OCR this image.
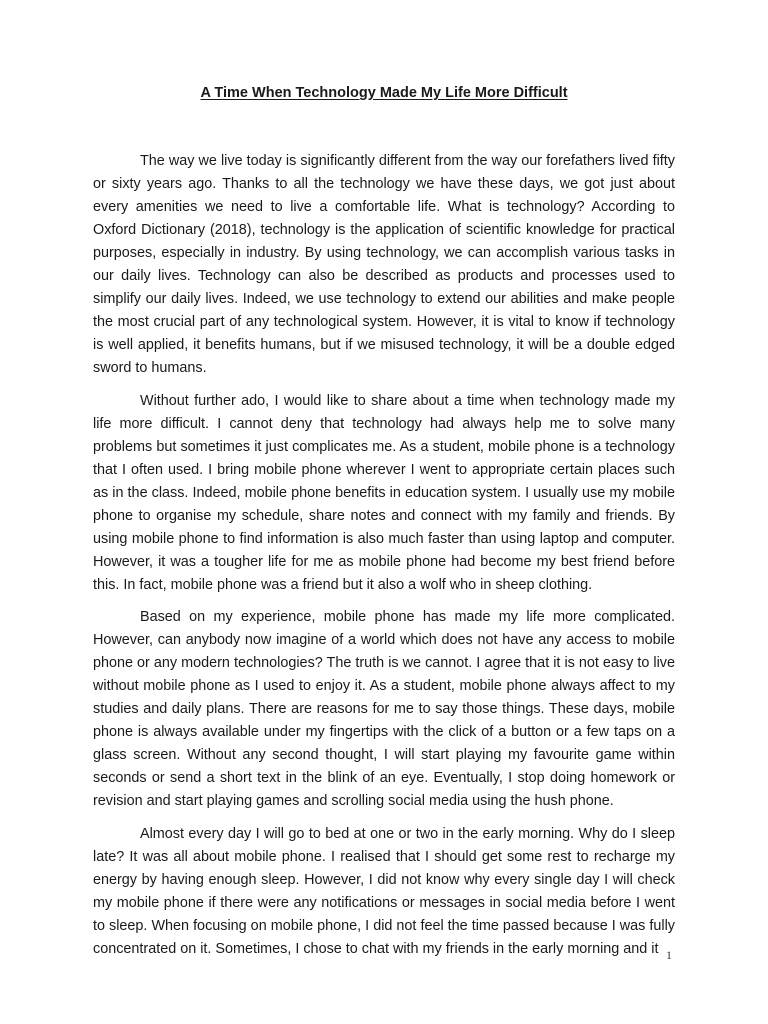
A Time When Technology Made My Life More Difficult

The way we live today is significantly different from the way our forefathers lived fifty or sixty years ago. Thanks to all the technology we have these days, we got just about every amenities we need to live a comfortable life. What is technology? According to Oxford Dictionary (2018), technology is the application of scientific knowledge for practical purposes, especially in industry. By using technology, we can accomplish various tasks in our daily lives. Technology can also be described as products and processes used to simplify our daily lives. Indeed, we use technology to extend our abilities and make people the most crucial part of any technological system. However, it is vital to know if technology is well applied, it benefits humans, but if we misused technology, it will be a double edged sword to humans.

Without further ado, I would like to share about a time when technology made my life more difficult. I cannot deny that technology had always help me to solve many problems but sometimes it just complicates me. As a student, mobile phone is a technology that I often used. I bring mobile phone wherever I went to appropriate certain places such as in the class. Indeed, mobile phone benefits in education system. I usually use my mobile phone to organise my schedule, share notes and connect with my family and friends. By using mobile phone to find information is also much faster than using laptop and computer. However, it was a tougher life for me as mobile phone had become my best friend before this. In fact, mobile phone was a friend but it also a wolf who in sheep clothing.

Based on my experience, mobile phone has made my life more complicated. However, can anybody now imagine of a world which does not have any access to mobile phone or any modern technologies? The truth is we cannot. I agree that it is not easy to live without mobile phone as I used to enjoy it. As a student, mobile phone always affect to my studies and daily plans. There are reasons for me to say those things. These days, mobile phone is always available under my fingertips with the click of a button or a few taps on a glass screen. Without any second thought, I will start playing my favourite game within seconds or send a short text in the blink of an eye. Eventually, I stop doing homework or revision and start playing games and scrolling social media using the hush phone.

Almost every day I will go to bed at one or two in the early morning. Why do I sleep late? It was all about mobile phone. I realised that I should get some rest to recharge my energy by having enough sleep. However, I did not know why every single day I will check my mobile phone if there were any notifications or messages in social media before I went to sleep. When focusing on mobile phone, I did not feel the time passed because I was fully concentrated on it. Sometimes, I chose to chat with my friends in the early morning and it 1
